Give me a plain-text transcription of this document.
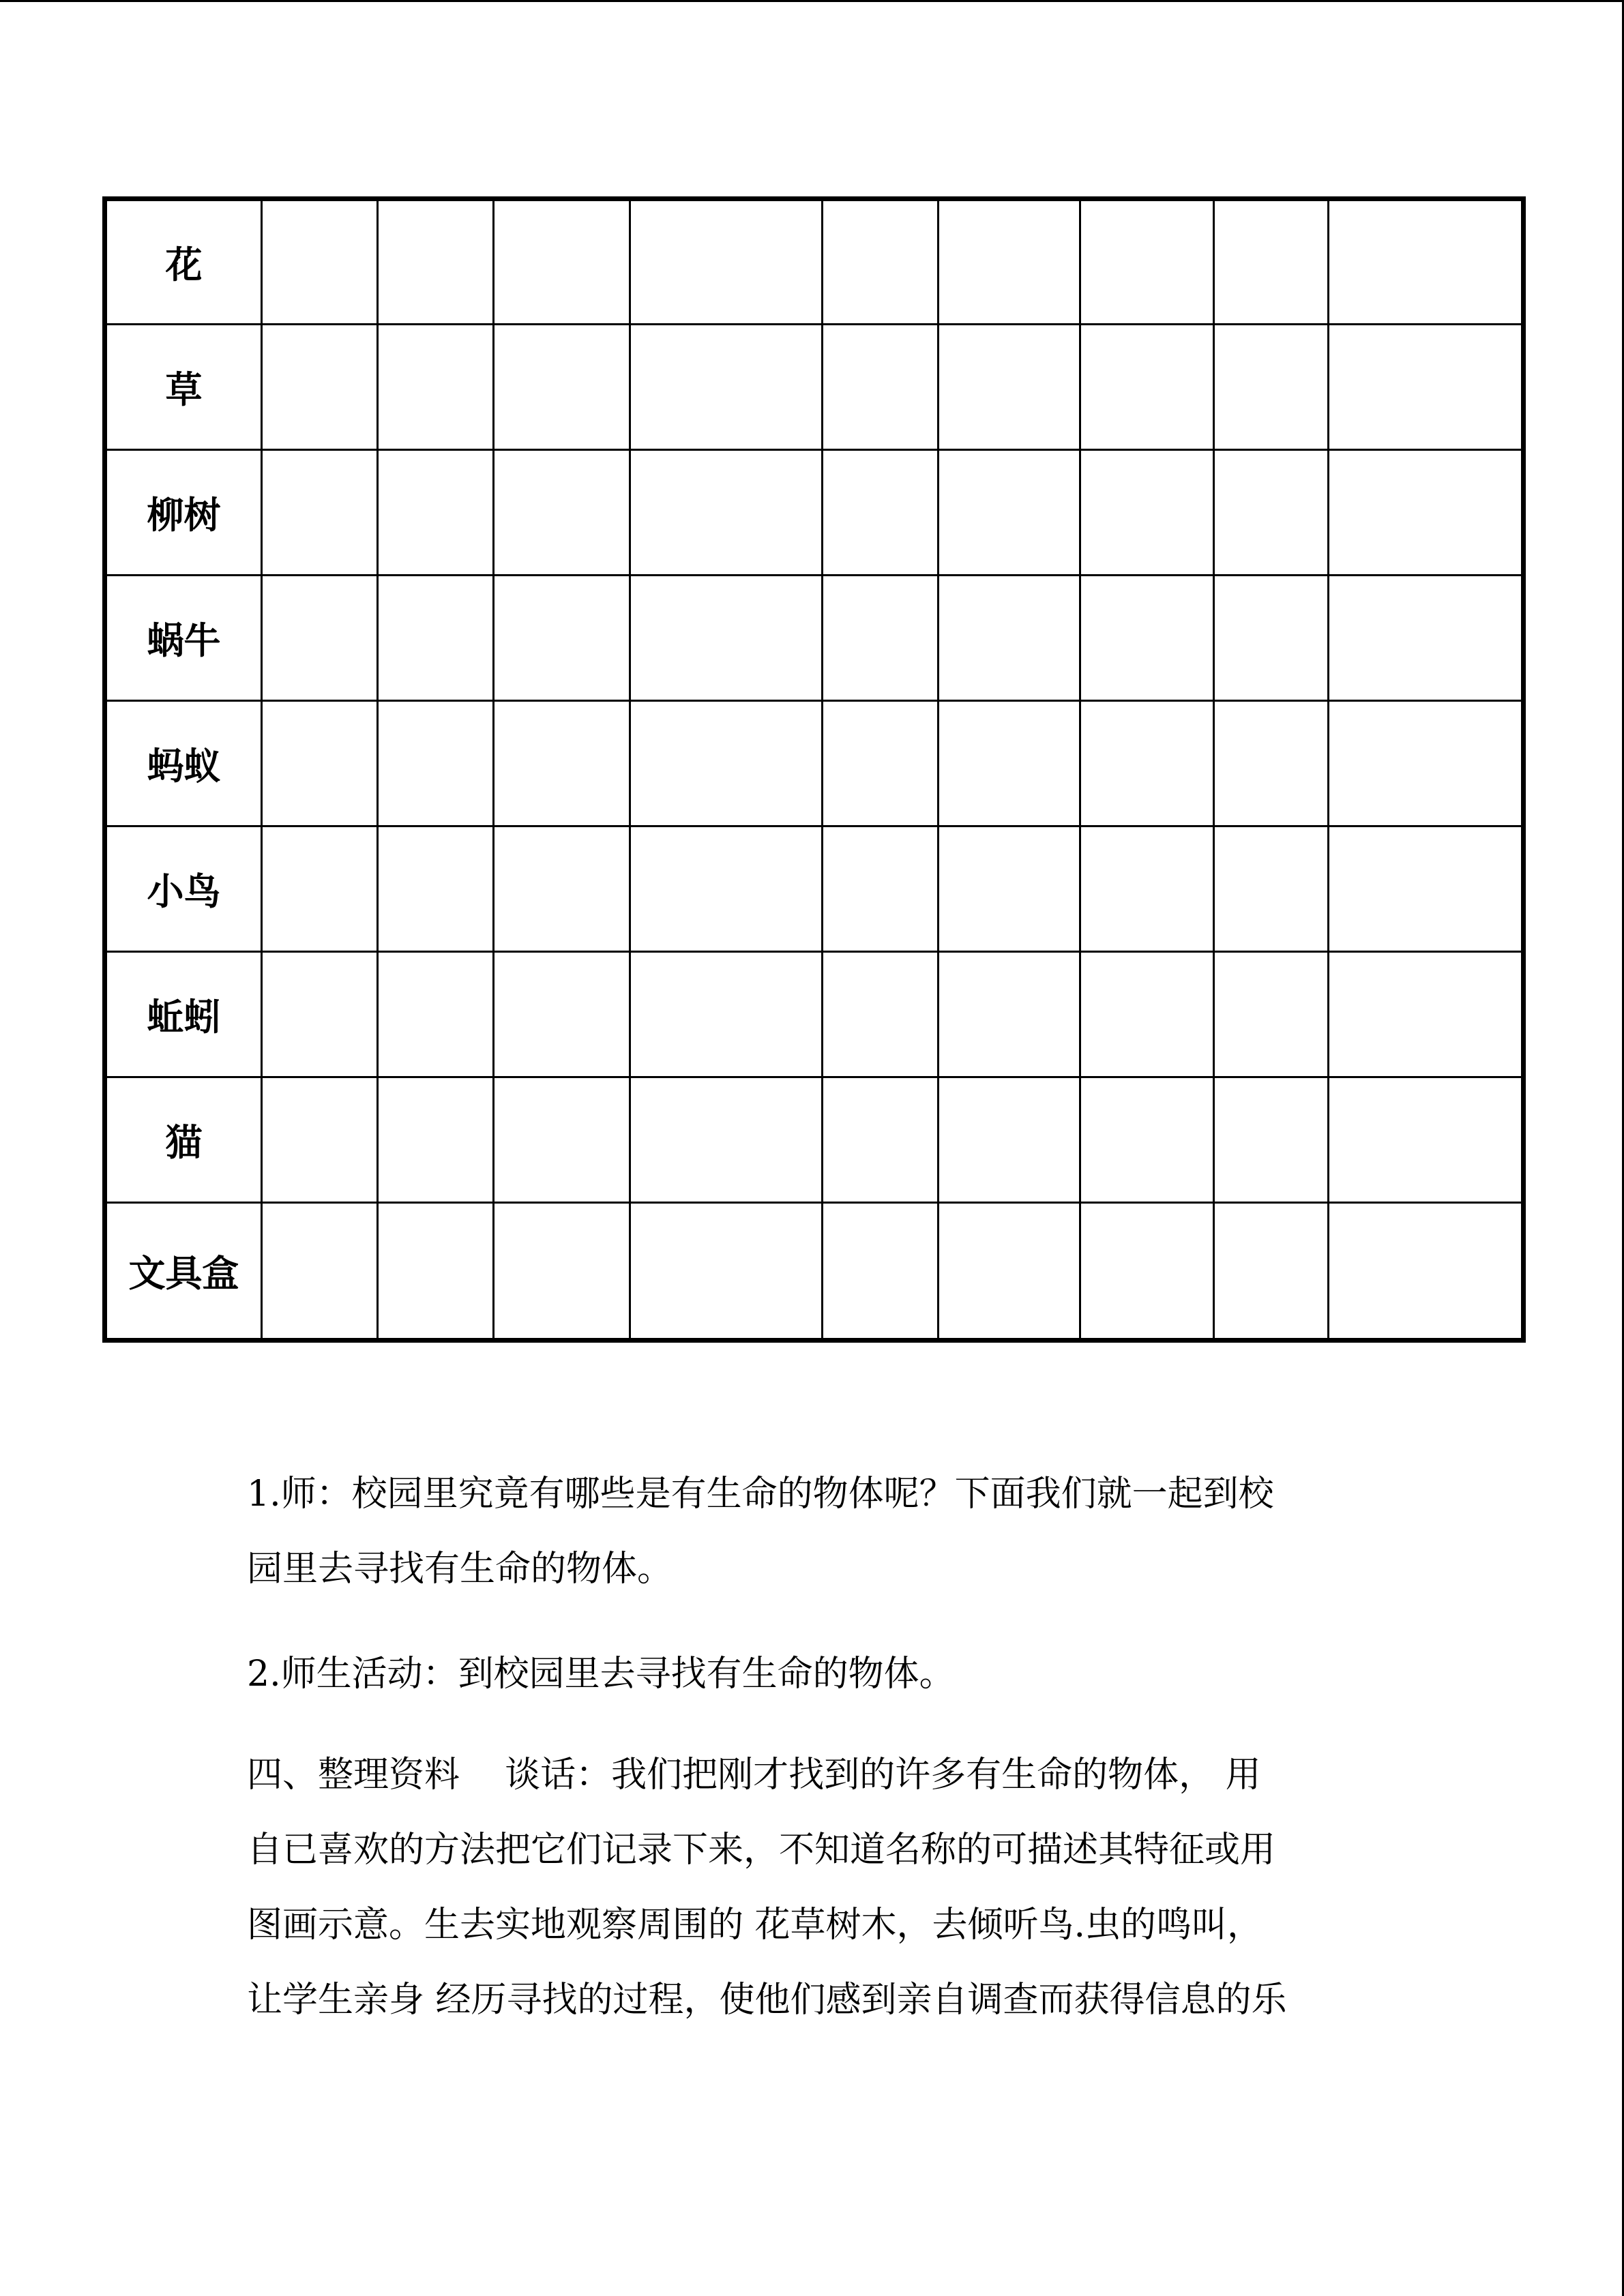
花									
草									
柳树									
蜗牛									
蚂蚁									
小鸟									
蚯蚓									
猫									
文具盒									
1.师：校园里究竟有哪些是有生命的物体呢？下面我们就一起到校
园里去寻找有生命的物体。
2.师生活动：到校园里去寻找有生命的物体。
四、整理资料    谈话：我们把刚才找到的许多有生命的物体， 用
自已喜欢的方法把它们记录下来，不知道名称的可描述其特征或用
图画示意。生去实地观察周围的 花草树木，去倾听鸟.虫的鸣叫，
让学生亲身 经历寻找的过程，使他们感到亲自调查而获得信息的乐
